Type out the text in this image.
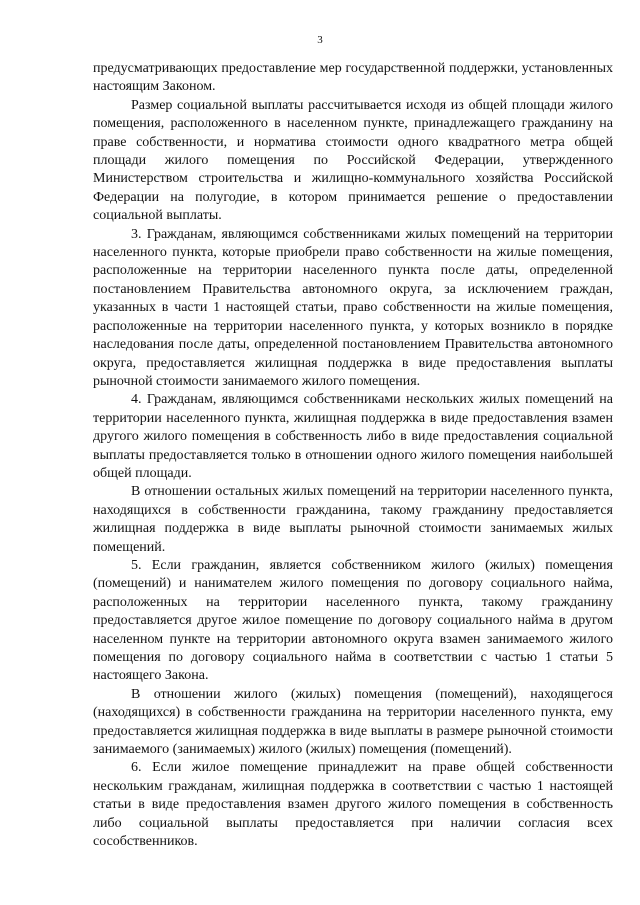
3

предусматривающих предоставление мер государственной поддержки, установленных настоящим Законом.

Размер социальной выплаты рассчитывается исходя из общей площади жилого помещения, расположенного в населенном пункте, принадлежащего гражданину на праве собственности, и норматива стоимости одного квадратного метра общей площади жилого помещения по Российской Федерации, утвержденного Министерством строительства и жилищно-коммунального хозяйства Российской Федерации на полугодие, в котором принимается решение о предоставлении социальной выплаты.

3. Гражданам, являющимся собственниками жилых помещений на территории населенного пункта, которые приобрели право собственности на жилые помещения, расположенные на территории населенного пункта после даты, определенной постановлением Правительства автономного округа, за исключением граждан, указанных в части 1 настоящей статьи, право собственности на жилые помещения, расположенные на территории населенного пункта, у которых возникло в порядке наследования после даты, определенной постановлением Правительства автономного округа, предоставляется жилищная поддержка в виде предоставления выплаты рыночной стоимости занимаемого жилого помещения.

4. Гражданам, являющимся собственниками нескольких жилых помещений на территории населенного пункта, жилищная поддержка в виде предоставления взамен другого жилого помещения в собственность либо в виде предоставления социальной выплаты предоставляется только в отношении одного жилого помещения наибольшей общей площади.

В отношении остальных жилых помещений на территории населенного пункта, находящихся в собственности гражданина, такому гражданину предоставляется жилищная поддержка в виде выплаты рыночной стоимости занимаемых жилых помещений.

5. Если гражданин, является собственником жилого (жилых) помещения (помещений) и нанимателем жилого помещения по договору социального найма, расположенных на территории населенного пункта, такому гражданину предоставляется другое жилое помещение по договору социального найма в другом населенном пункте на территории автономного округа взамен занимаемого жилого помещения по договору социального найма в соответствии с частью 1 статьи 5 настоящего Закона.

В отношении жилого (жилых) помещения (помещений), находящегося (находящихся) в собственности гражданина на территории населенного пункта, ему предоставляется жилищная поддержка в виде выплаты в размере рыночной стоимости занимаемого (занимаемых) жилого (жилых) помещения (помещений).

6. Если жилое помещение принадлежит на праве общей собственности нескольким гражданам, жилищная поддержка в соответствии с частью 1 настоящей статьи в виде предоставления взамен другого жилого помещения в собственность либо социальной выплаты предоставляется при наличии согласия всех сособственников.
